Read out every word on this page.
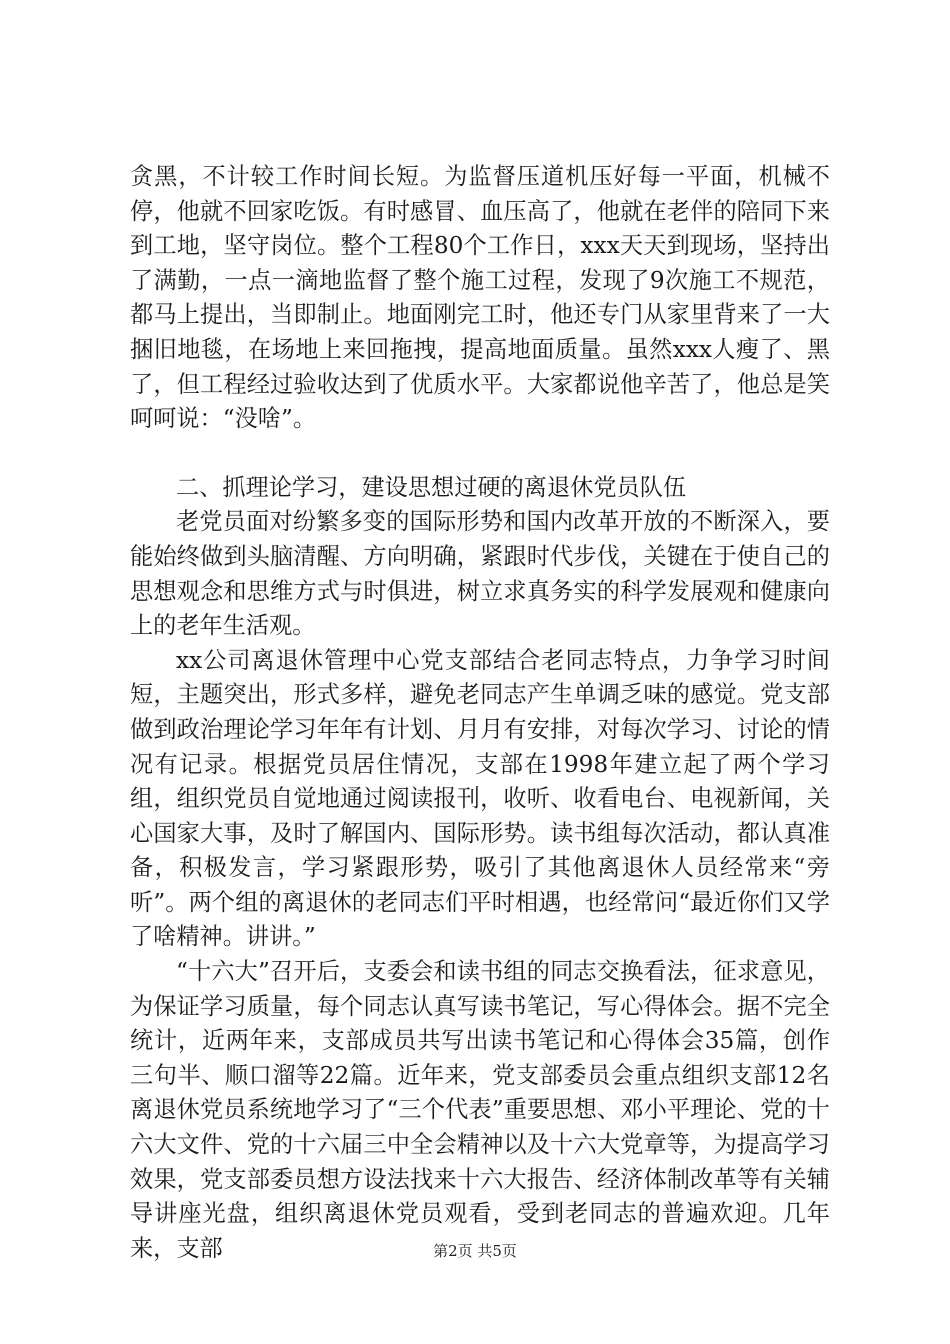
贪黑，不计较工作时间长短。为监督压道机压好每一平面，机械不停，他就不回家吃饭。有时感冒、血压高了，他就在老伴的陪同下来到工地，坚守岗位。整个工程80个工作日，xxx天天到现场，坚持出了满勤，一点一滴地监督了整个施工过程，发现了9次施工不规范，都马上提出，当即制止。地面刚完工时，他还专门从家里背来了一大捆旧地毯，在场地上来回拖拽，提高地面质量。虽然xxx人瘦了、黑了，但工程经过验收达到了优质水平。大家都说他辛苦了，他总是笑呵呵说：“没啥”。

二、抓理论学习，建设思想过硬的离退休党员队伍

老党员面对纷繁多变的国际形势和国内改革开放的不断深入，要能始终做到头脑清醒、方向明确，紧跟时代步伐，关键在于使自己的思想观念和思维方式与时俱进，树立求真务实的科学发展观和健康向上的老年生活观。

xx公司离退休管理中心党支部结合老同志特点，力争学习时间短，主题突出，形式多样，避免老同志产生单调乏味的感觉。党支部做到政治理论学习年年有计划、月月有安排，对每次学习、讨论的情况有记录。根据党员居住情况，支部在1998年建立起了两个学习组，组织党员自觉地通过阅读报刊，收听、收看电台、电视新闻，关心国家大事，及时了解国内、国际形势。读书组每次活动，都认真准备，积极发言，学习紧跟形势，吸引了其他离退休人员经常来“旁听”。两个组的离退休的老同志们平时相遇，也经常问“最近你们又学了啥精神。讲讲。”

“十六大”召开后，支委会和读书组的同志交换看法，征求意见，为保证学习质量，每个同志认真写读书笔记，写心得体会。据不完全统计，近两年来，支部成员共写出读书笔记和心得体会35篇，创作三句半、顺口溜等22篇。近年来，党支部委员会重点组织支部12名离退休党员系统地学习了“三个代表”重要思想、邓小平理论、党的十六大文件、党的十六届三中全会精神以及十六大党章等，为提高学习效果，党支部委员想方设法找来十六大报告、经济体制改革等有关辅导讲座光盘，组织离退休党员观看，受到老同志的普遍欢迎。几年来，支部	第2页 共5页
